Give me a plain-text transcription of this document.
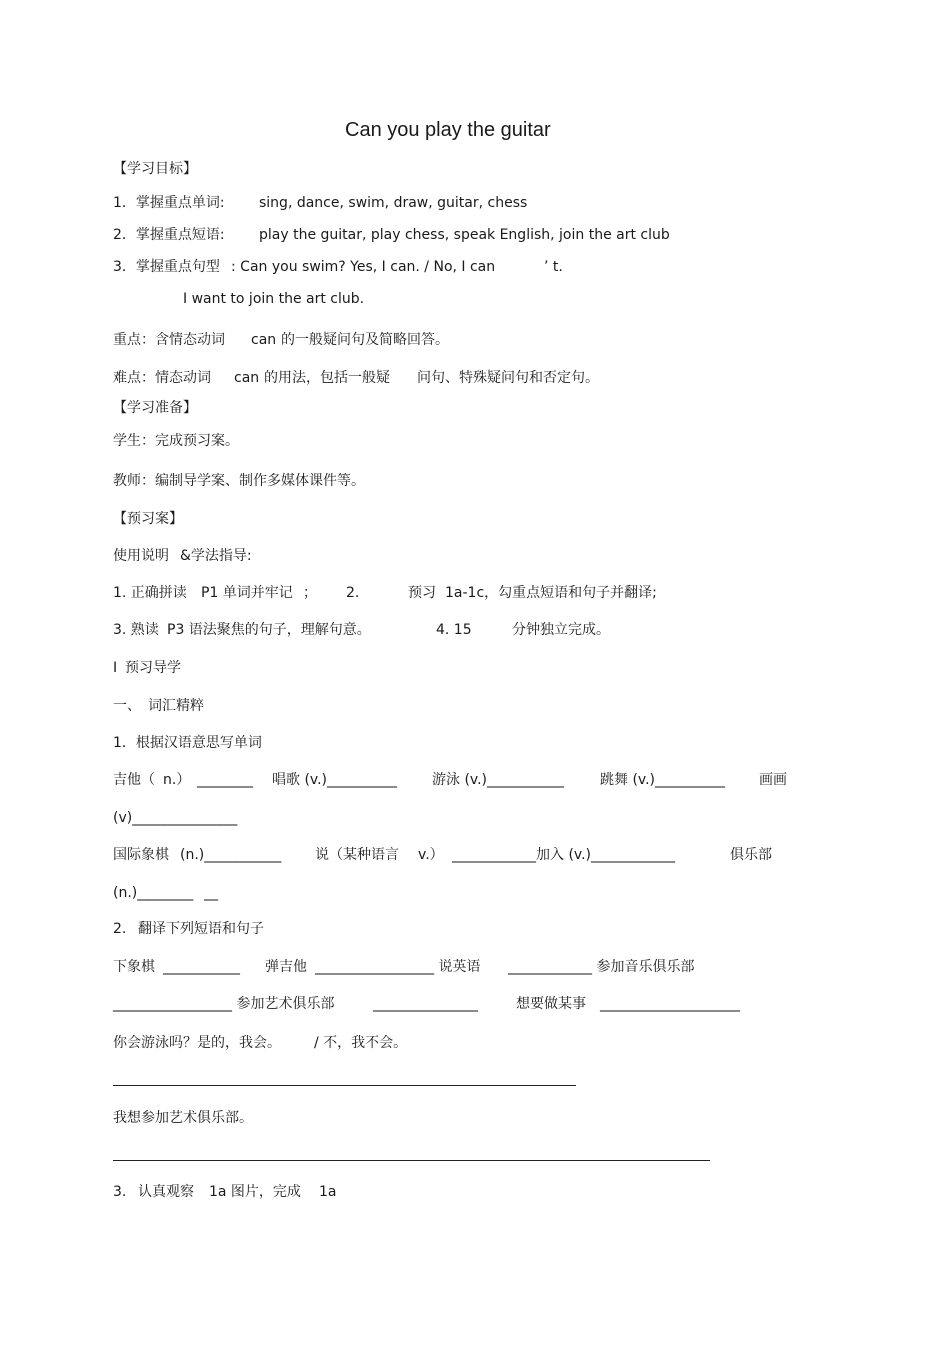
Can you play the guitar
【学习目标】
1．掌握重点单词: sing, dance, swim, draw, guitar, chess
2．掌握重点短语: play the guitar, play chess, speak English, join the art club
3．掌握重点句型 : Can you swim? Yes, I can. / No, I can	’ t.
I want to join the art club.
重点：含情态动词 can 的一般疑问句及简略回答。
难点：情态动词 can 的用法，包括一般疑 问句、特殊疑问句和否定句。
【学习准备】
学生：完成预习案。
教师：编制导学案、制作多媒体课件等。
【预习案】
使用说明 &学法指导:
1. 正确拼读 P1 单词并牢记 ； 2.	预习 1a-1c，勾重点短语和句子并翻译;
3. 熟读 P3 语法聚焦的句子，理解句意。	4. 15	分钟独立完成。
Ⅰ 预习导学
一、 词汇精粹
1．根据汉语意思写单词
吉他（ n.） ________ 唱歌 (v.)__________ 游泳 (v.)___________	跳舞 (v.)__________ 画画
(v)_______________
国际象棋 (n.)___________ 说（某种语言 v.） ____________加入 (v.)____________	俱乐部
(n.)________ __
2. 翻译下列短语和句子
下象棋 ___________ 弹吉他 _________________ 说英语 ____________ 参加音乐俱乐部
_________________ 参加艺术俱乐部	_______________	想要做某事 ____________________
你会游泳吗？是的，我会。 / 不，我不会。
我想参加艺术俱乐部。
3. 认真观察 1a 图片，完成 1a
